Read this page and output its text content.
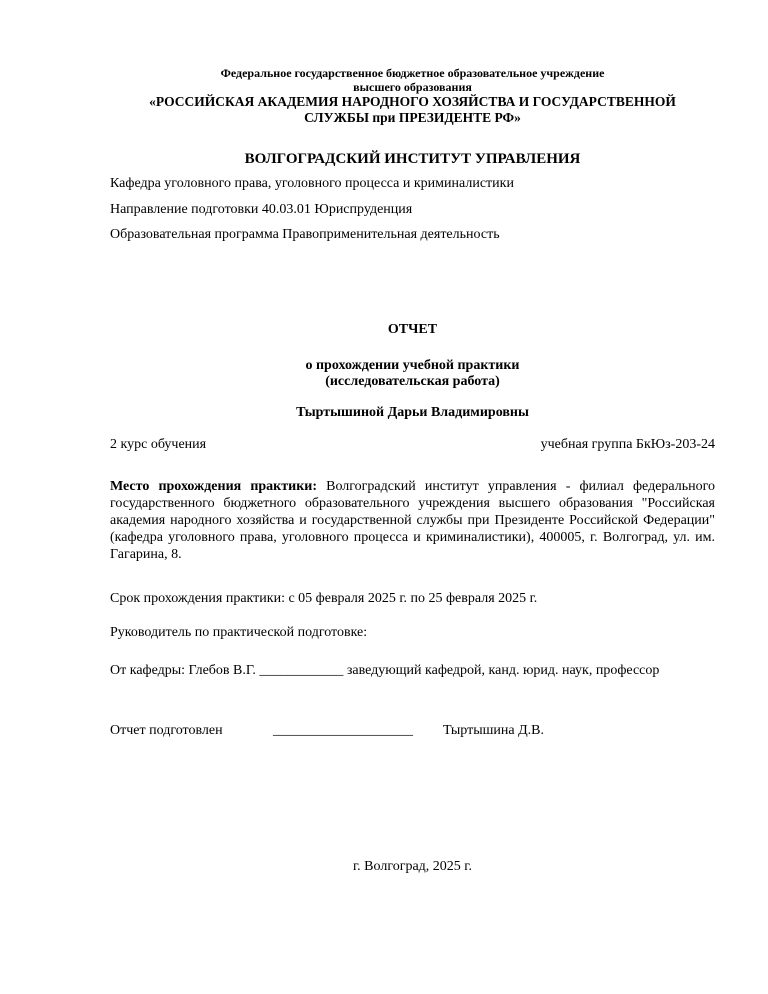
Федеральное государственное бюджетное образовательное учреждение
высшего образования
«РОССИЙСКАЯ АКАДЕМИЯ НАРОДНОГО ХОЗЯЙСТВА И ГОСУДАРСТВЕННОЙ
СЛУЖБЫ при ПРЕЗИДЕНТЕ РФ»
ВОЛГОГРАДСКИЙ ИНСТИТУТ УПРАВЛЕНИЯ
Кафедра уголовного права, уголовного процесса и криминалистики
Направление подготовки 40.03.01 Юриспруденция
Образовательная программа Правоприменительная деятельность
ОТЧЕТ
о прохождении учебной практики
(исследовательская работа)
Тыртышиной Дарьи Владимировны
2 курс обучения	учебная группа БкЮз-203-24
Место прохождения практики: Волгоградский институт управления - филиал федерального государственного бюджетного образовательного учреждения высшего образования "Российская академия народного хозяйства и государственной службы при Президенте Российской Федерации" (кафедра уголовного права, уголовного процесса и криминалистики), 400005, г. Волгоград, ул. им. Гагарина, 8.
Срок прохождения практики: с 05 февраля 2025 г. по 25 февраля 2025 г.
Руководитель по практической подготовке:
От кафедры: Глебов В.Г. ____________ заведующий кафедрой, канд. юрид. наук, профессор
Отчет подготовлен	____________________ Тыртышина Д.В.
г. Волгоград, 2025 г.
